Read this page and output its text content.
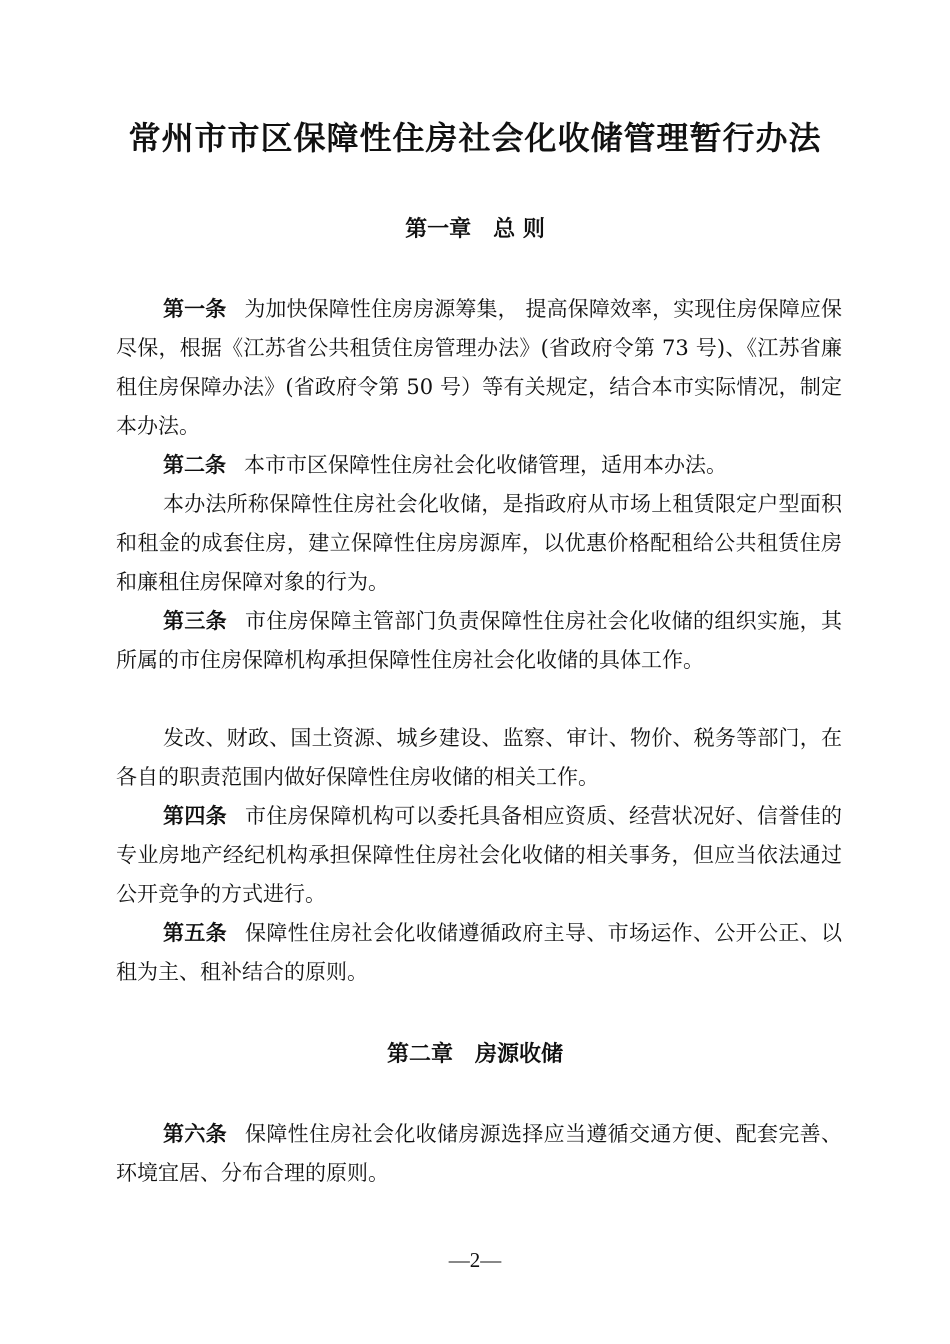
常州市市区保障性住房社会化收储管理暂行办法
第一章 总 则

第一条 为加快保障性住房房源筹集， 提高保障效率，实现住房保障应保尽保，根据《江苏省公共租赁住房管理办法》(省政府令第 73 号)、《江苏省廉租住房保障办法》(省政府令第 50 号）等有关规定，结合本市实际情况，制定本办法。

第二条 本市市区保障性住房社会化收储管理，适用本办法。

本办法所称保障性住房社会化收储，是指政府从市场上租赁限定户型面积和租金的成套住房，建立保障性住房房源库，以优惠价格配租给公共租赁住房和廉租住房保障对象的行为。

第三条 市住房保障主管部门负责保障性住房社会化收储的组织实施，其所属的市住房保障机构承担保障性住房社会化收储的具体工作。

发改、财政、国土资源、城乡建设、监察、审计、物价、税务等部门，在各自的职责范围内做好保障性住房收储的相关工作。

第四条 市住房保障机构可以委托具备相应资质、经营状况好、信誉佳的专业房地产经纪机构承担保障性住房社会化收储的相关事务，但应当依法通过公开竞争的方式进行。

第五条 保障性住房社会化收储遵循政府主导、市场运作、公开公正、以租为主、租补结合的原则。

第二章 房源收储

第六条 保障性住房社会化收储房源选择应当遵循交通方便、配套完善、环境宜居、分布合理的原则。

—2—
